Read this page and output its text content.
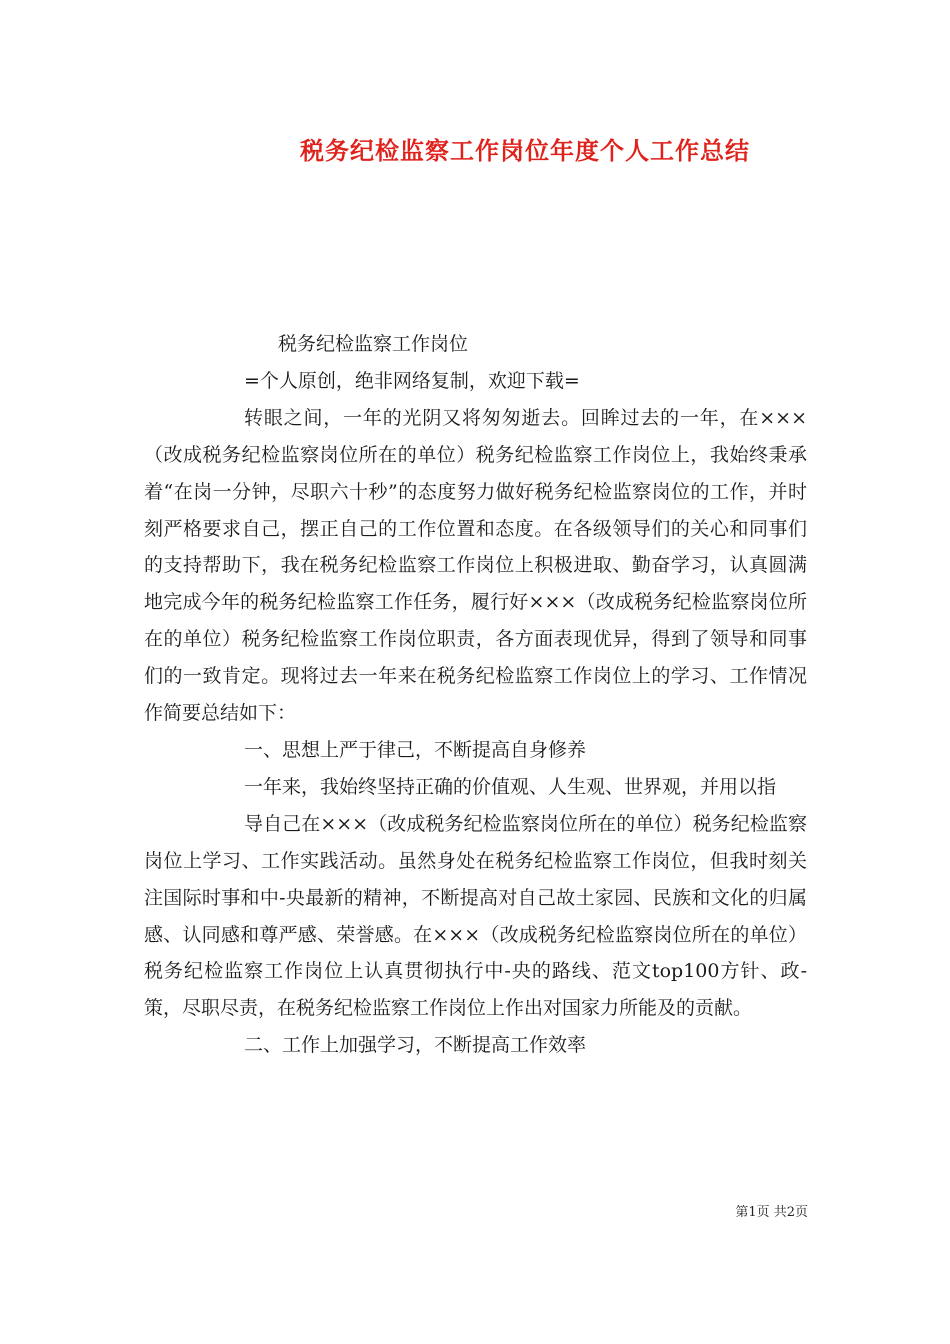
税务纪检监察工作岗位年度个人工作总结

税务纪检监察工作岗位

=个人原创，绝非网络复制，欢迎下载=

转眼之间，一年的光阴又将匆匆逝去。回眸过去的一年，在×××（改成税务纪检监察岗位所在的单位）税务纪检监察工作岗位上，我始终秉承着“在岗一分钟，尽职六十秒”的态度努力做好税务纪检监察岗位的工作，并时刻严格要求自己，摆正自己的工作位置和态度。在各级领导们的关心和同事们的支持帮助下，我在税务纪检监察工作岗位上积极进取、勤奋学习，认真圆满地完成今年的税务纪检监察工作任务，履行好×××（改成税务纪检监察岗位所在的单位）税务纪检监察工作岗位职责，各方面表现优异，得到了领导和同事们的一致肯定。现将过去一年来在税务纪检监察工作岗位上的学习、工作情况作简要总结如下：

一、思想上严于律己，不断提高自身修养

一年来，我始终坚持正确的价值观、人生观、世界观，并用以指

导自己在×××（改成税务纪检监察岗位所在的单位）税务纪检监察岗位上学习、工作实践活动。虽然身处在税务纪检监察工作岗位，但我时刻关注国际时事和中-央最新的精神，不断提高对自己故土家园、民族和文化的归属感、认同感和尊严感、荣誉感。在×××（改成税务纪检监察岗位所在的单位）税务纪检监察工作岗位上认真贯彻执行中-央的路线、范文top100方针、政-策，尽职尽责，在税务纪检监察工作岗位上作出对国家力所能及的贡献。

二、工作上加强学习，不断提高工作效率

第1页 共2页
